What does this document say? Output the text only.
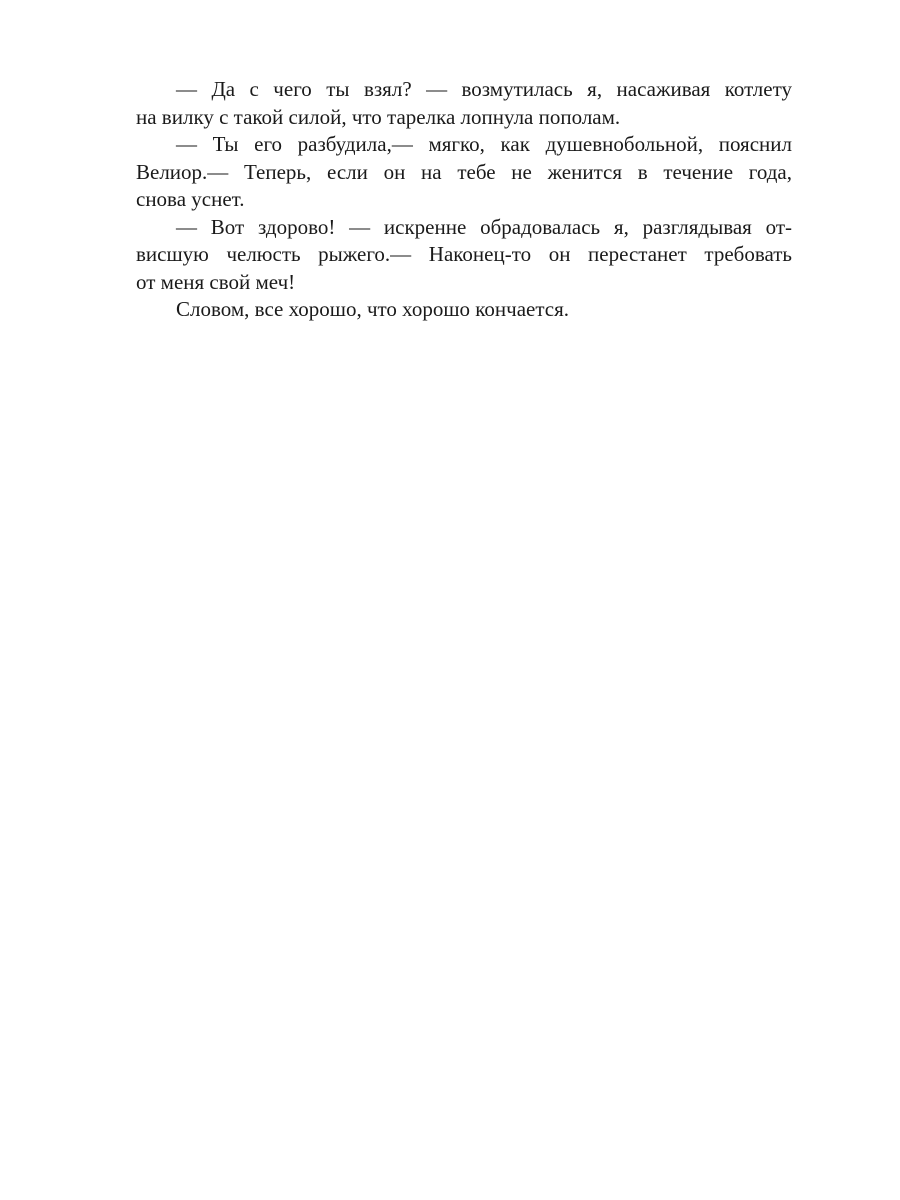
— Да с чего ты взял? — возмутилась я, насаживая котлету
на вилку с такой силой, что тарелка лопнула пополам.
— Ты его разбудила,— мягко, как душевнобольной, пояснил
Велиор.— Теперь, если он на тебе не женится в течение года,
снова уснет.
— Вот здорово! — искренне обрадовалась я, разглядывая от-
висшую челюсть рыжего.— Наконец-то он перестанет требовать
от меня свой меч!
Словом, все хорошо, что хорошо кончается.
